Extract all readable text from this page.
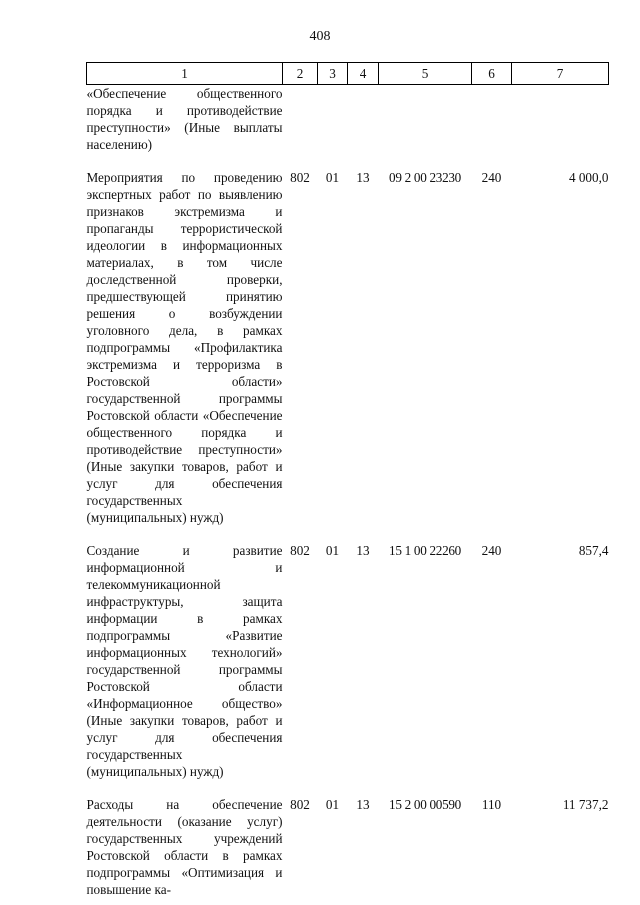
408
1	2	3	4	5	6	7
«Обеспечение общественного порядка и противодействие преступности» (Иные выплаты населению)						
Мероприятия по проведению экспертных работ по выявлению признаков экстремизма и пропаганды террористической идеологии в информационных материалах, в том числе доследственной проверки, предшествующей принятию решения о возбуждении уголовного дела, в рамках подпрограммы «Профилактика экстремизма и терроризма в Ростовской области» государственной программы Ростовской области «Обеспечение общественного порядка и противодействие преступности» (Иные закупки товаров, работ и услуг для обеспечения государственных (муниципальных) нужд)	802	01	13	09 2 00 23230	240	4 000,0
Создание и развитие информационной и телекоммуникационной инфраструктуры, защита информации в рамках подпрограммы «Развитие информационных технологий» государственной программы Ростовской области «Информационное общество» (Иные закупки товаров, работ и услуг для обеспечения государственных (муниципальных) нужд)	802	01	13	15 1 00 22260	240	857,4
Расходы на обеспечение деятельности (оказание услуг) государственных учреждений Ростовской области в рамках подпрограммы «Оптимизация и повышение ка-	802	01	13	15 2 00 00590	110	11 737,2
